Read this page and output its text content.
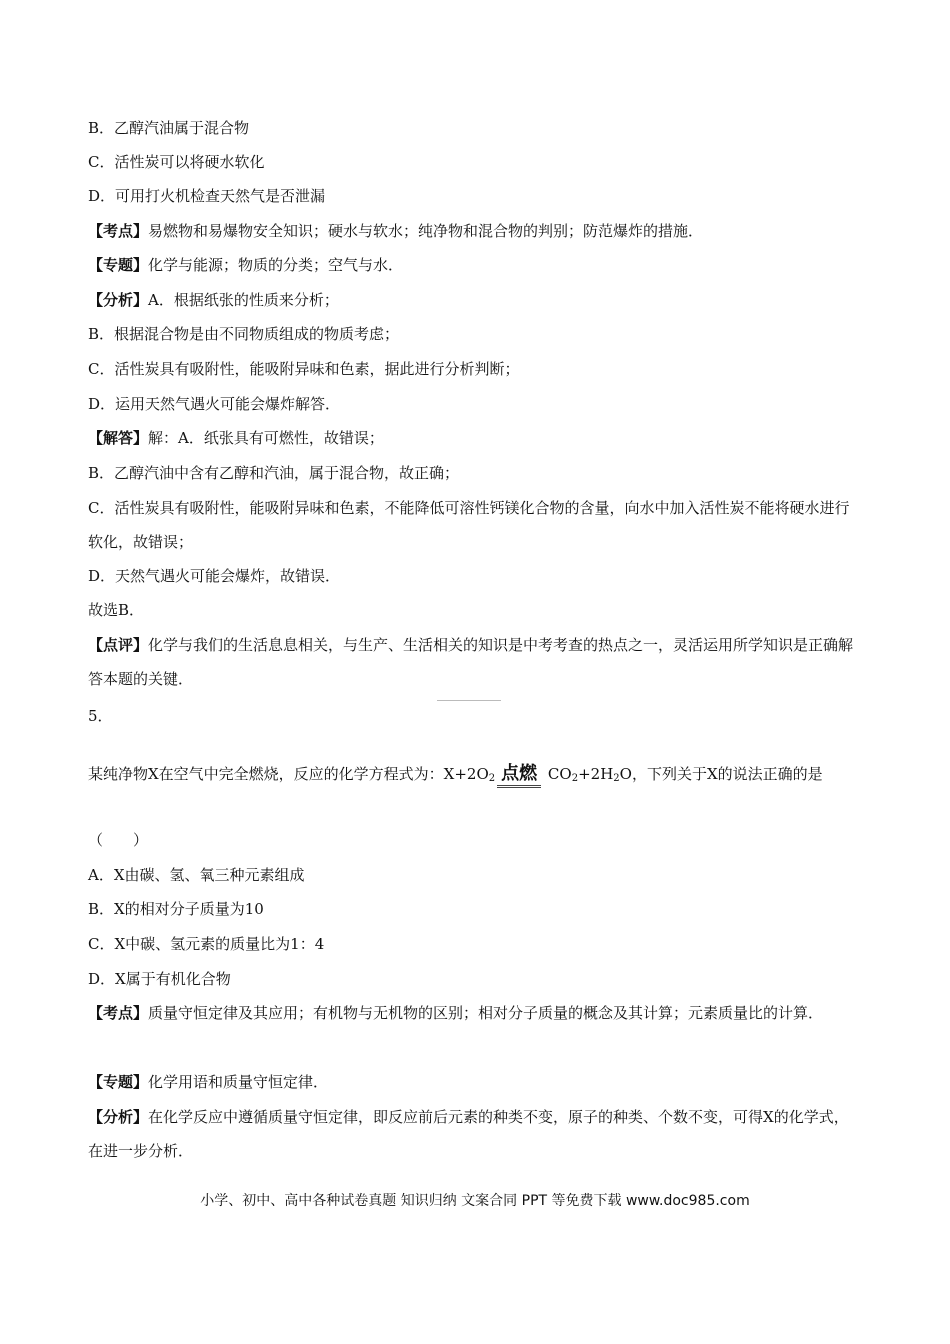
B．乙醇汽油属于混合物
C．活性炭可以将硬水软化
D．可用打火机检查天然气是否泄漏
【考点】易燃物和易爆物安全知识；硬水与软水；纯净物和混合物的判别；防范爆炸的措施．
【专题】化学与能源；物质的分类；空气与水．
【分析】A．根据纸张的性质来分析；
B．根据混合物是由不同物质组成的物质考虑；
C．活性炭具有吸附性，能吸附异味和色素，据此进行分析判断；
D．运用天然气遇火可能会爆炸解答．
【解答】解：A．纸张具有可燃性，故错误；
B．乙醇汽油中含有乙醇和汽油，属于混合物，故正确；
C．活性炭具有吸附性，能吸附异味和色素，不能降低可溶性钙镁化合物的含量，向水中加入活性炭不能将硬水进行软化，故错误；
D．天然气遇火可能会爆炸，故错误．
故选B．
【点评】化学与我们的生活息息相关，与生产、生活相关的知识是中考考查的热点之一，灵活运用所学知识是正确解答本题的关键．
5．
某纯净物X在空气中完全燃烧，反应的化学方程式为：$X+2O_2$ 点燃 $CO_2+2H_2O$，下列关于X的说法正确的是
（　　）
A．X由碳、氢、氧三种元素组成
B．X的相对分子质量为10
C．X中碳、氢元素的质量比为1：4
D．X属于有机化合物
【考点】质量守恒定律及其应用；有机物与无机物的区别；相对分子质量的概念及其计算；元素质量比的计算．
【专题】化学用语和质量守恒定律．
【分析】在化学反应中遵循质量守恒定律，即反应前后元素的种类不变，原子的种类、个数不变，可得X的化学式，在进一步分析．
小学、初中、高中各种试卷真题 知识归纳 文案合同 PPT 等免费下载 www.doc985.com
